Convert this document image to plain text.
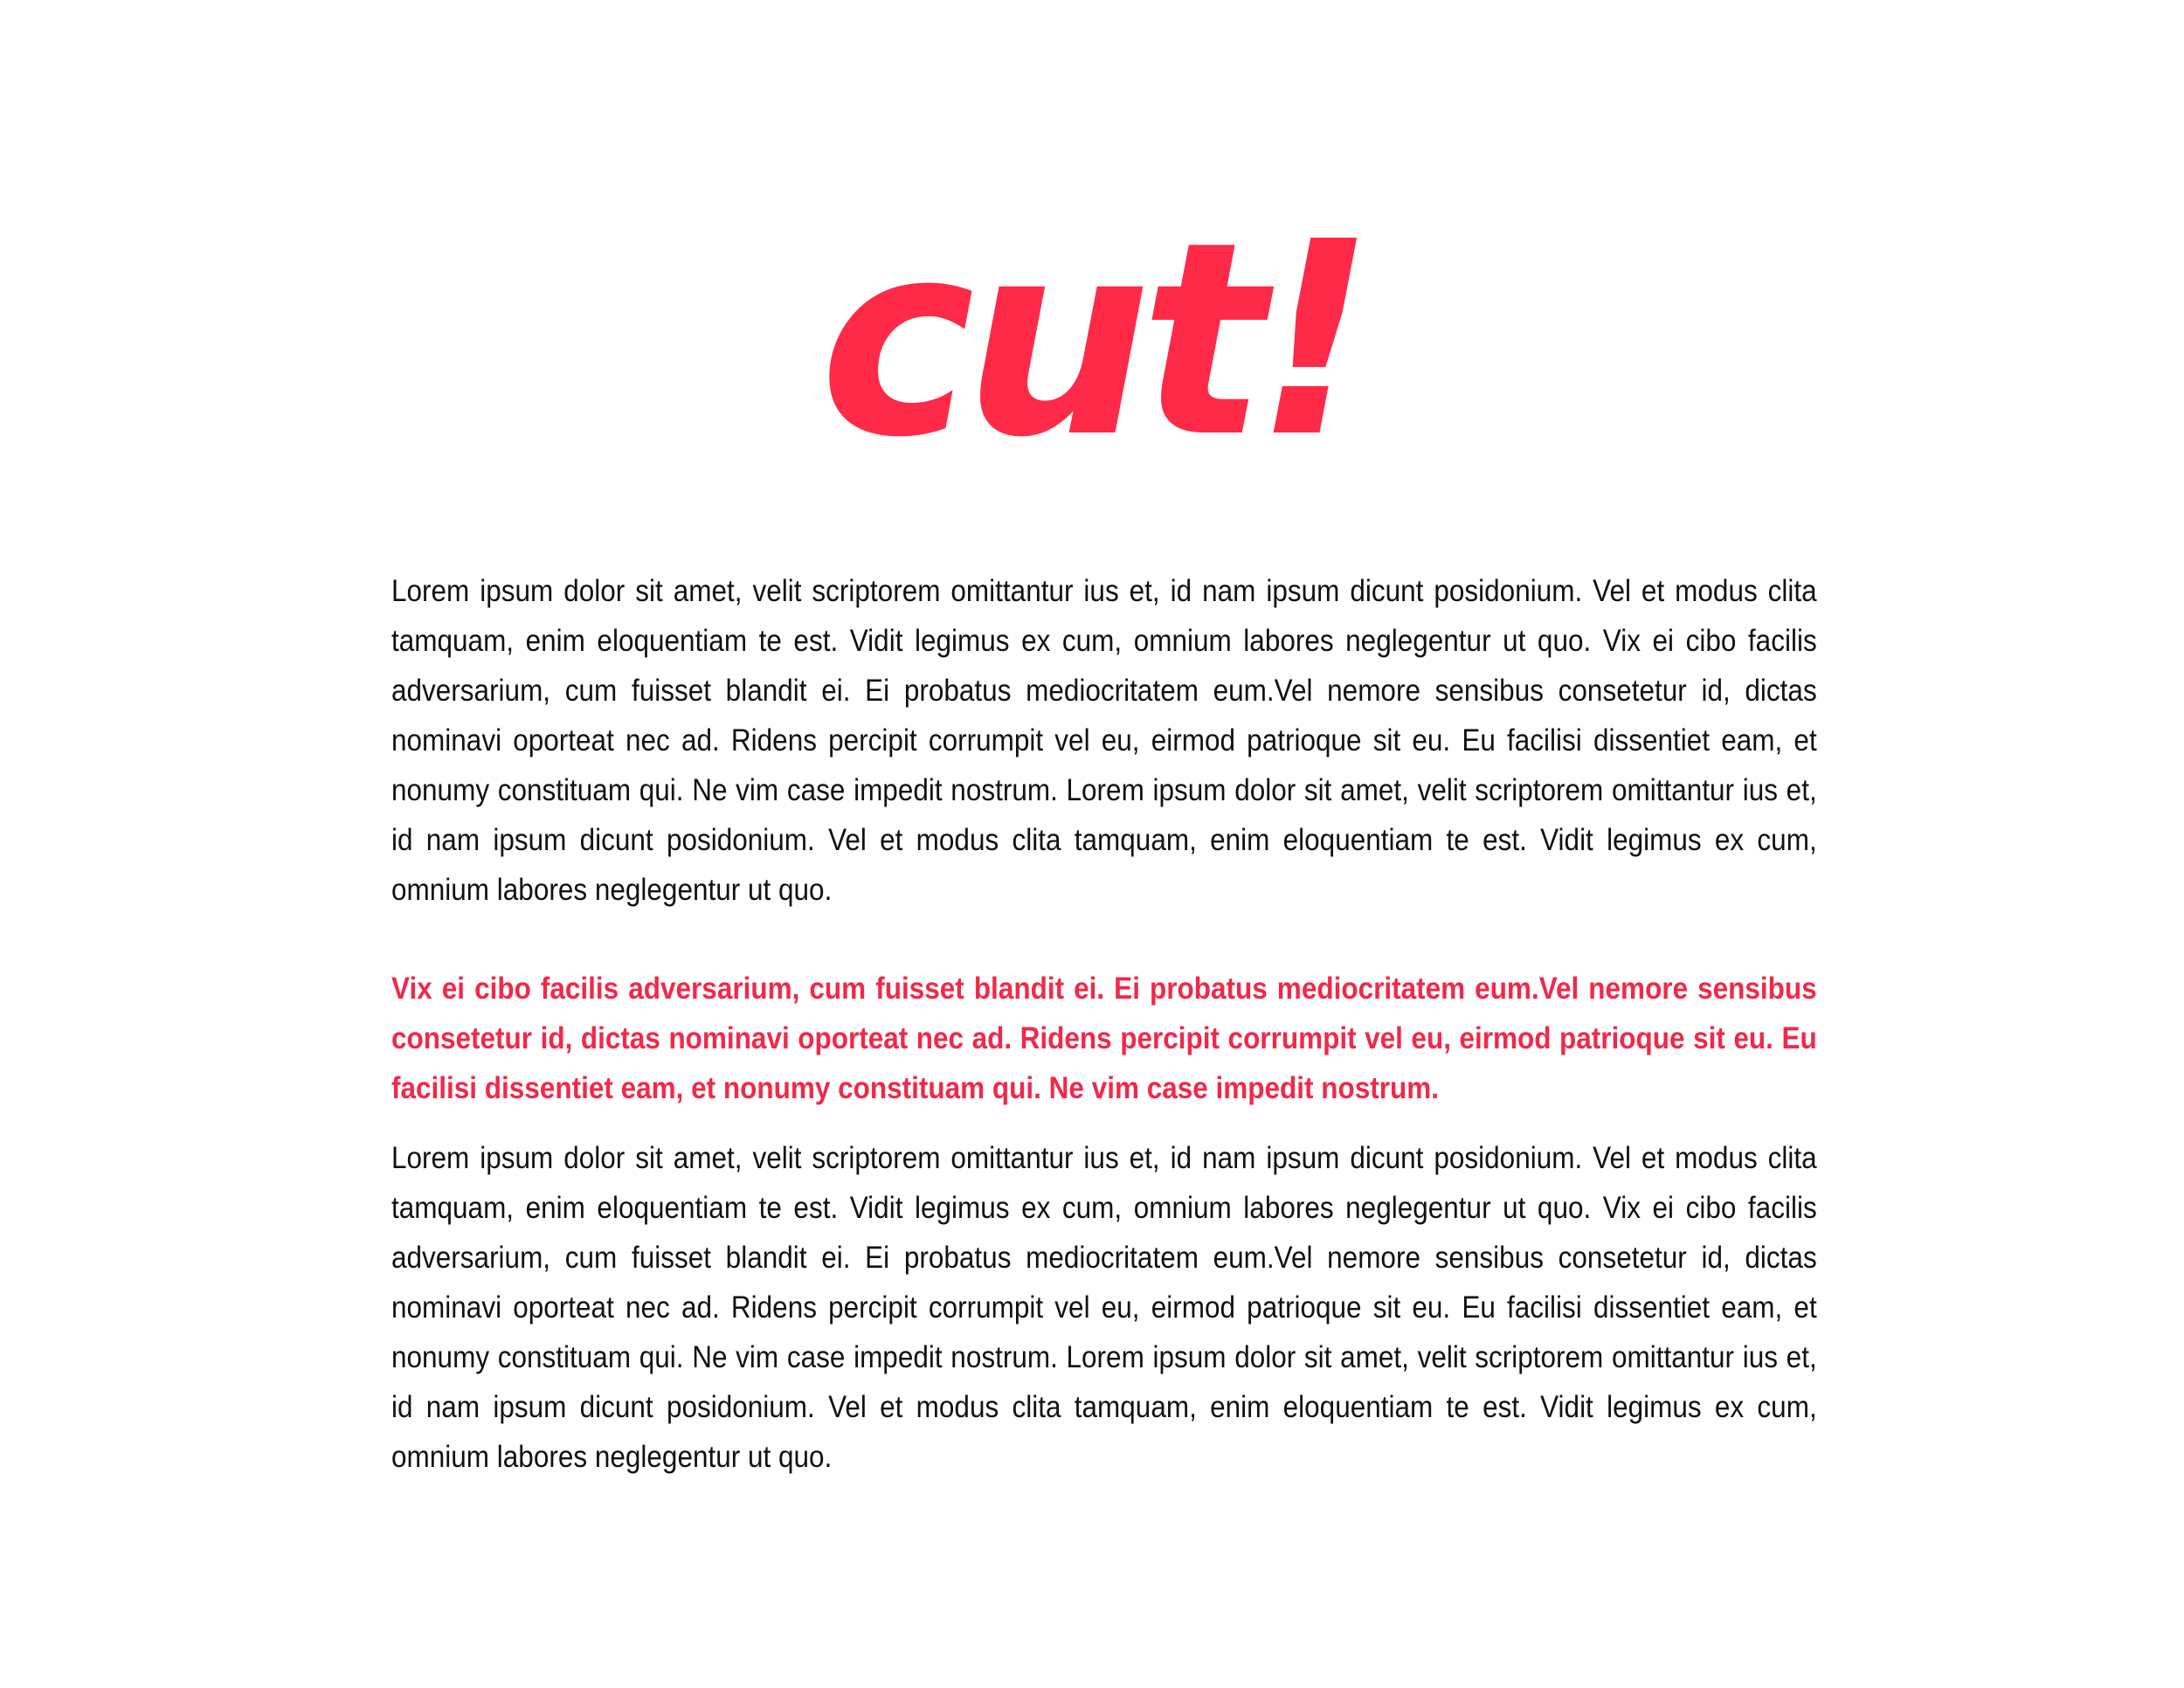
cut!

Lorem ipsum dolor sit amet, velit scriptorem omittantur ius et, id nam ipsum dicunt posidonium. Vel et modus clita tamquam, enim eloquentiam te est. Vidit legimus ex cum, omnium labores neglegentur ut quo. Vix ei cibo facilis adversarium, cum fuisset blandit ei. Ei probatus mediocritatem eum.Vel nemore sensibus consetetur id, dictas nominavi oporteat nec ad. Ridens percipit corrumpit vel eu, eirmod patrioque sit eu. Eu facilisi dissentiet eam, et nonumy constituam qui. Ne vim case impedit nostrum. Lorem ipsum dolor sit amet, velit scriptorem omittantur ius et, id nam ipsum dicunt posidonium. Vel et modus clita tamquam, enim eloquentiam te est. Vidit legimus ex cum, omnium labores neglegentur ut quo.

Vix ei cibo facilis adversarium, cum fuisset blandit ei. Ei probatus mediocritatem eum.Vel nemore sensibus consetetur id, dictas nominavi oporteat nec ad. Ridens percipit corrumpit vel eu, eirmod patrioque sit eu. Eu facilisi dissentiet eam, et nonumy constituam qui. Ne vim case impedit nostrum.

Lorem ipsum dolor sit amet, velit scriptorem omittantur ius et, id nam ipsum dicunt posidonium. Vel et modus clita tamquam, enim eloquentiam te est. Vidit legimus ex cum, omnium labores neglegentur ut quo. Vix ei cibo facilis adversarium, cum fuisset blandit ei. Ei probatus mediocritatem eum.Vel nemore sensibus consetetur id, dictas nominavi oporteat nec ad. Ridens percipit corrumpit vel eu, eirmod patrioque sit eu. Eu facilisi dissentiet eam, et nonumy constituam qui. Ne vim case impedit nostrum. Lorem ipsum dolor sit amet, velit scriptorem omittantur ius et, id nam ipsum dicunt posidonium. Vel et modus clita tamquam, enim eloquentiam te est. Vidit legimus ex cum, omnium labores neglegentur ut quo.
